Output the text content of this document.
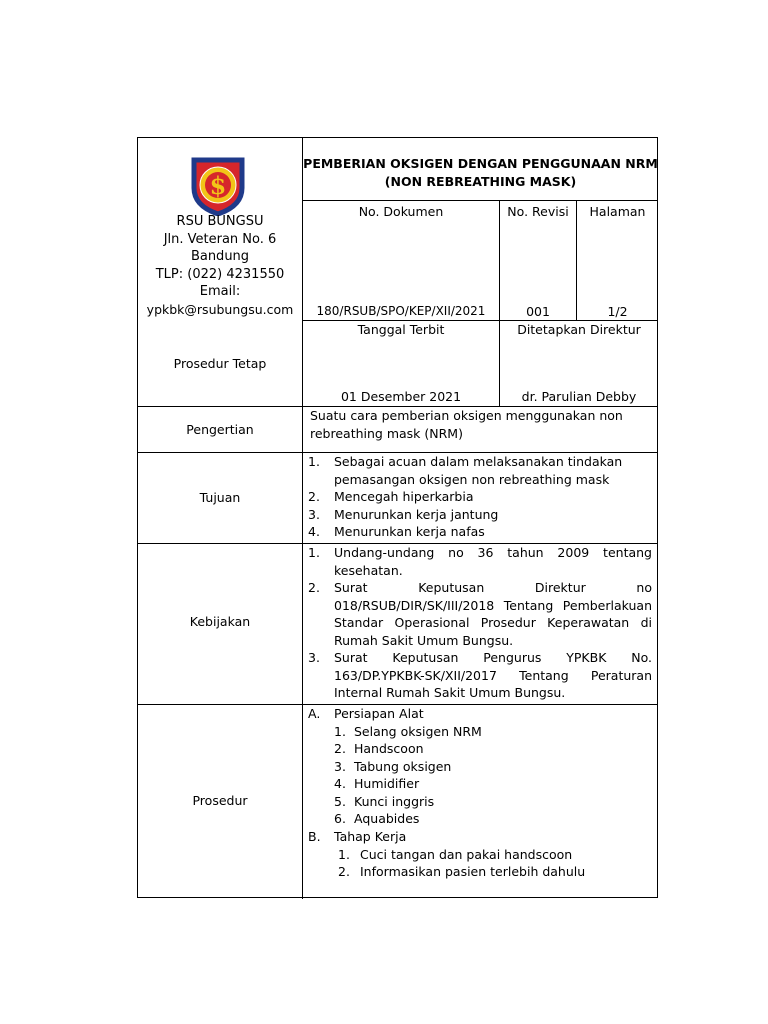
$
RSU BUNGSU
Jln. Veteran No. 6
Bandung
TLP: (022) 4231550
Email:
ypkbk@rsubungsu.com
PEMBERIAN OKSIGEN DENGAN PENGGUNAAN NRM
(NON REBREATHING MASK)
No. Dokumen	No. Revisi	Halaman
180/RSUB/SPO/KEP/XII/2021	001	1/2
Prosedur Tetap
Tanggal Terbit	Ditetapkan Direktur
01 Desember 2021	dr. Parulian Debby
Pengertian
Suatu cara pemberian oksigen menggunakan non
rebreathing mask (NRM)
Tujuan
1. Sebagai acuan dalam melaksanakan tindakan
pemasangan oksigen non rebreathing mask
2. Mencegah hiperkarbia
3. Menurunkan kerja jantung
4. Menurunkan kerja nafas
Kebijakan
1. Undang-undang no 36 tahun 2009 tentang kesehatan.
2. Surat Keputusan Direktur no 018/RSUB/DIR/SK/III/2018 Tentang Pemberlakuan Standar Operasional Prosedur Keperawatan di Rumah Sakit Umum Bungsu.
3. Surat Keputusan Pengurus YPKBK No. 163/DP.YPKBK-SK/XII/2017 Tentang Peraturan Internal Rumah Sakit Umum Bungsu.
Prosedur
A. Persiapan Alat
1. Selang oksigen NRM
2. Handscoon
3. Tabung oksigen
4. Humidifier
5. Kunci inggris
6. Aquabides
B. Tahap Kerja
1. Cuci tangan dan pakai handscoon
2. Informasikan pasien terlebih dahulu
